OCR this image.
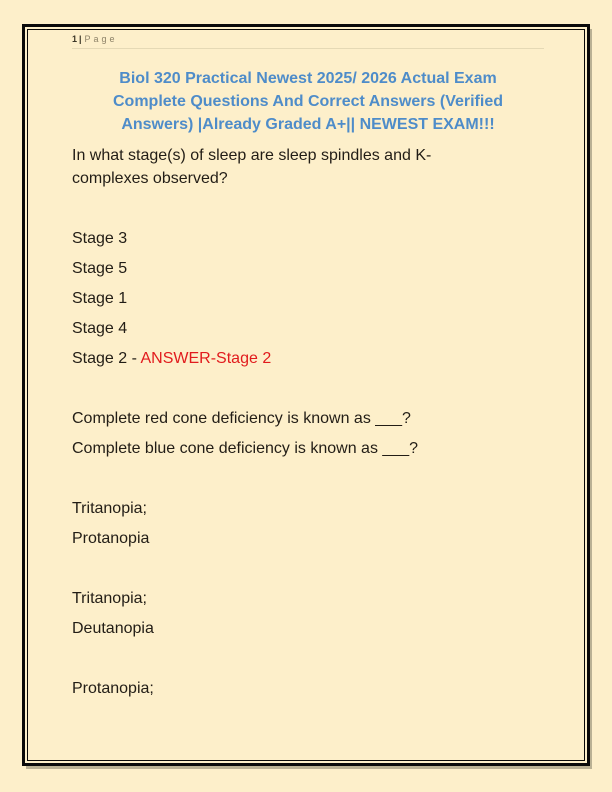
1 | Page
Biol 320 Practical Newest 2025/ 2026 Actual Exam
Complete Questions And Correct Answers (Verified
Answers) |Already Graded A+|| NEWEST EXAM!!!

In what stage(s) of sleep are sleep spindles and K-complexes observed?

Stage 3

Stage 5

Stage 1

Stage 4

Stage 2 - ANSWER-Stage 2

Complete red cone deficiency is known as ___?

Complete blue cone deficiency is known as ___?

Tritanopia;

Protanopia

Tritanopia;

Deutanopia

Protanopia;
